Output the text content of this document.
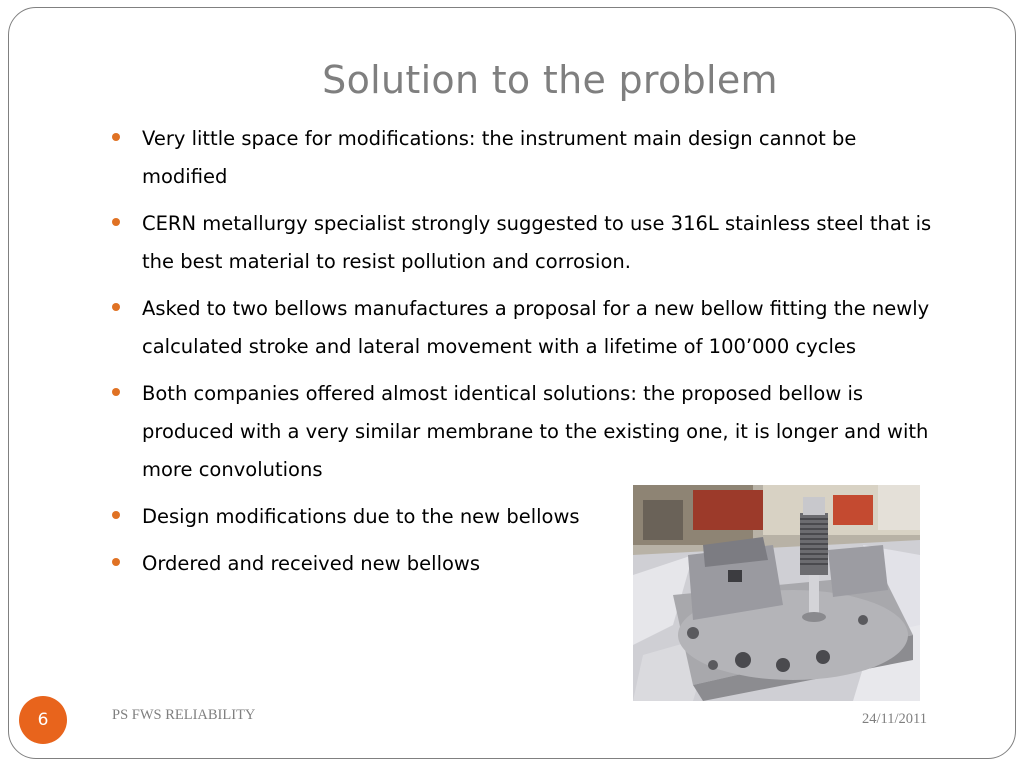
Solution to the problem
Very little space for modifications: the instrument main design cannot be modified
CERN metallurgy specialist strongly suggested to use 316L stainless steel that is the best material to resist pollution and corrosion.
Asked to two bellows manufactures a proposal for a new bellow fitting the newly calculated stroke and lateral movement with a lifetime of 100’000 cycles
Both companies offered almost identical solutions: the proposed bellow is produced with a very similar membrane to the existing one, it is longer and with more convolutions
Design modifications due to the new bellows
Ordered and received new bellows
6	PS FWS RELIABILITY	24/11/2011
